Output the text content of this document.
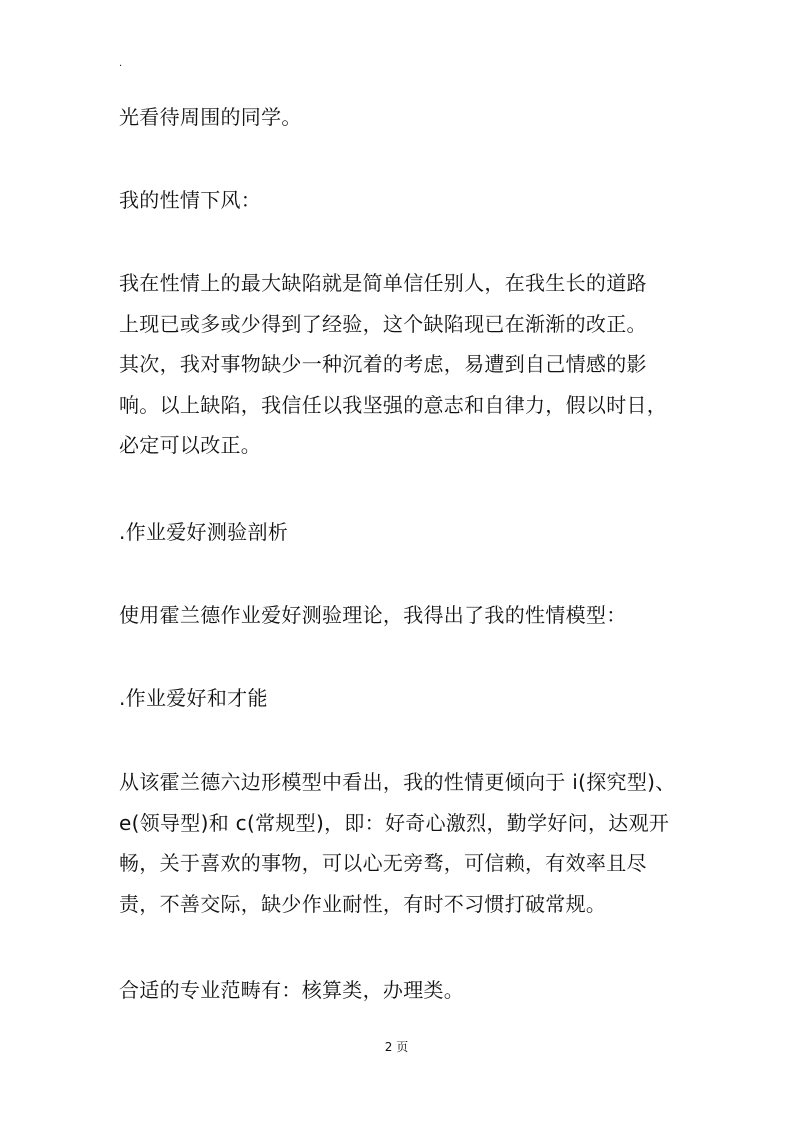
.
光看待周围的同学。
我的性情下风：
我在性情上的最大缺陷就是简单信任别人，在我生长的道路
上现已或多或少得到了经验，这个缺陷现已在渐渐的改正。
其次，我对事物缺少一种沉着的考虑，易遭到自己情感的影
响。以上缺陷，我信任以我坚强的意志和自律力，假以时日，
必定可以改正。
.作业爱好测验剖析
使用霍兰德作业爱好测验理论，我得出了我的性情模型：
.作业爱好和才能
从该霍兰德六边形模型中看出，我的性情更倾向于 i(探究型)、
e(领导型)和 c(常规型)，即：好奇心激烈，勤学好问，达观开
畅，关于喜欢的事物，可以心无旁骛，可信赖，有效率且尽
责，不善交际，缺少作业耐性，有时不习惯打破常规。
合适的专业范畴有：核算类，办理类。
2 页
